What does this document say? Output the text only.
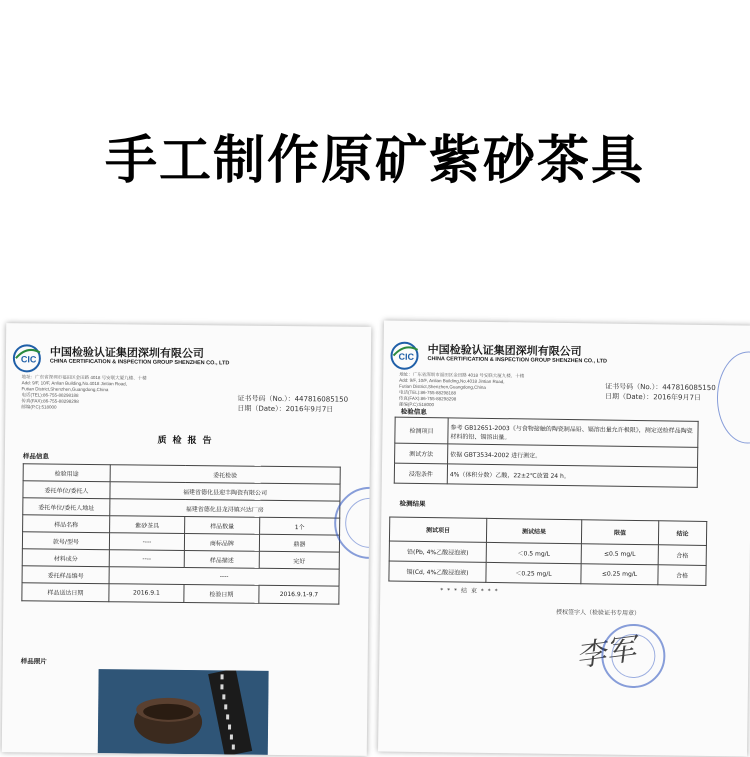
手工制作原矿紫砂茶具
CIC 中国检验认证集团深圳有限公司
CHINA CERTIFICATION & INSPECTION GROUP SHENZHEN CO., LTD
地址：广东省深圳市福田区金田路 4018 号安联大厦九楼、十楼
Add: 9/F, 10/F, Anlian Building,No.4018 Jintian Road,
Futian District,Shenzhen,Guangdong,China
电话(TEL):86-755-88298188
传真(FAX):86-755-88298298
邮编(P.C):518000
证书号码（No.）：447816085150
日期（Date）：2016年9月7日
质检报告
样品信息
检验用途	委托检验		
委托单位/委托人	福建省德化县迎丰陶瓷有限公司		
委托单位/委托人地址	福建省德化县龙浔镇兴达厂房		
样品名称	紫砂茶具	样品数量	1个
款号/型号	----	商标品牌	鼎器
材料成分	----	样品描述	完好
委托样品编号	----		
样品送达日期	2016.9.1	检验日期	2016.9.1-9.7
样品照片
CIC 中国检验认证集团深圳有限公司
CHINA CERTIFICATION & INSPECTION GROUP SHENZHEN CO., LTD
地址：广东省深圳市福田区金田路 4018 号安联大厦九楼、十楼
Add: 9/F, 10/F, Anlian Building,No.4018 Jintian Road,
Futian District,Shenzhen,Guangdong,China
电话(TEL):86-755-88298188
传真(FAX):86-755-88298298
邮编(P.C):518000
证书号码（No.）：447816085150
日期（Date）：2016年9月7日
检验信息
检测项目	参考 GB12651-2003《与食物接触的陶瓷制品铅、镉溶出量允许极限》，测定送检样品陶瓷材料的铅、镉溶出量。
测试方法	依据 GBT3534-2002 进行测定。
浸泡条件	4%（体积分数）乙酸，22±2℃放置 24 h。
检测结果
测试项目	测试结果	限值	结论
铅(Pb, 4%乙酸浸泡液)	＜0.5 mg/L	≤0.5 mg/L	合格
镉(Cd, 4%乙酸浸泡液)	＜0.25 mg/L	≤0.25 mg/L	合格
* * * 结 束 * * *
授权签字人（检验证书专用章）
李军
